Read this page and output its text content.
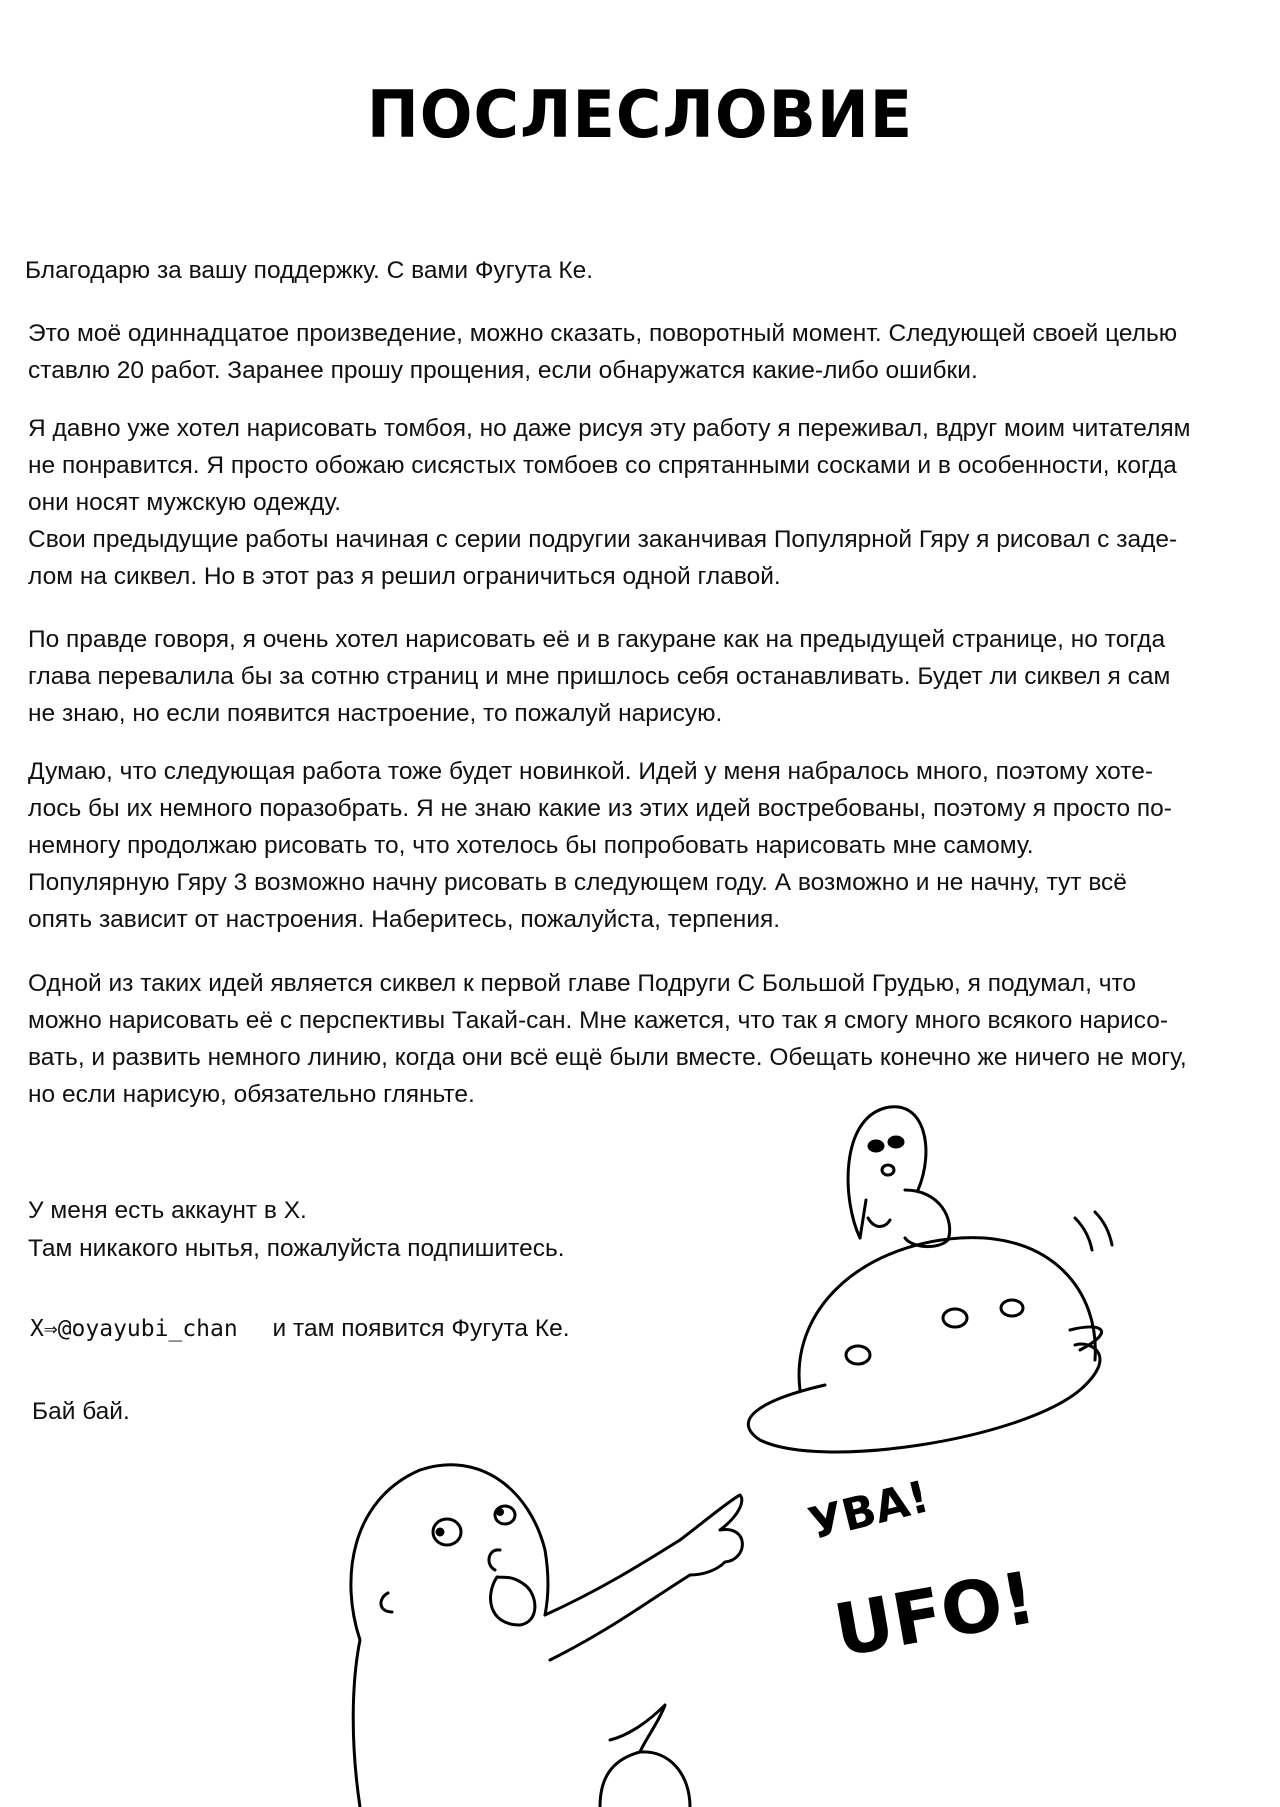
ПОСЛЕСЛОВИЕ

Благодарю за вашу поддержку. С вами Фугута Ке.

Это моё одиннадцатое произведение, можно сказать, поворотный момент. Следующей своей целью
ставлю 20 работ. Заранее прошу прощения, если обнаружатся какие-либо ошибки.

Я давно уже хотел нарисовать томбоя, но даже рисуя эту работу я переживал, вдруг моим читателям
не понравится. Я просто обожаю сисястых томбоев со спрятанными сосками и в особенности, когда
они носят мужскую одежду.
Свои предыдущие работы начиная с серии подругии заканчивая Популярной Гяру я рисовал с заде-
лом на сиквел. Но в этот раз я решил ограничиться одной главой.

По правде говоря, я очень хотел нарисовать её и в гакуране как на предыдущей странице, но тогда
глава перевалила бы за сотню страниц и мне пришлось себя останавливать. Будет ли сиквел я сам
не знаю, но если появится настроение, то пожалуй нарисую.

Думаю, что следующая работа тоже будет новинкой. Идей у меня набралось много, поэтому хоте-
лось бы их немного поразобрать. Я не знаю какие из этих идей востребованы, поэтому я просто по-
немногу продолжаю рисовать то, что хотелось бы попробовать нарисовать мне самому.
Популярную Гяру 3 возможно начну рисовать в следующем году. А возможно и не начну, тут всё
опять зависит от настроения. Наберитесь, пожалуйста, терпения.

Одной из таких идей является сиквел к первой главе Подруги С Большой Грудью, я подумал, что
можно нарисовать её с перспективы Такай-сан. Мне кажется, что так я смогу много всякого нарисо-
вать, и развить немного линию, когда они всё ещё были вместе. Обещать конечно же ничего не могу,
но если нарисую, обязательно гляньте.

У меня есть аккаунт в Х.

Там никакого нытья, пожалуйста подпишитесь.

X⇒@oyayubi_chan и там появится Фугута Ке.
Бай бай.
УВА!
UFO!
